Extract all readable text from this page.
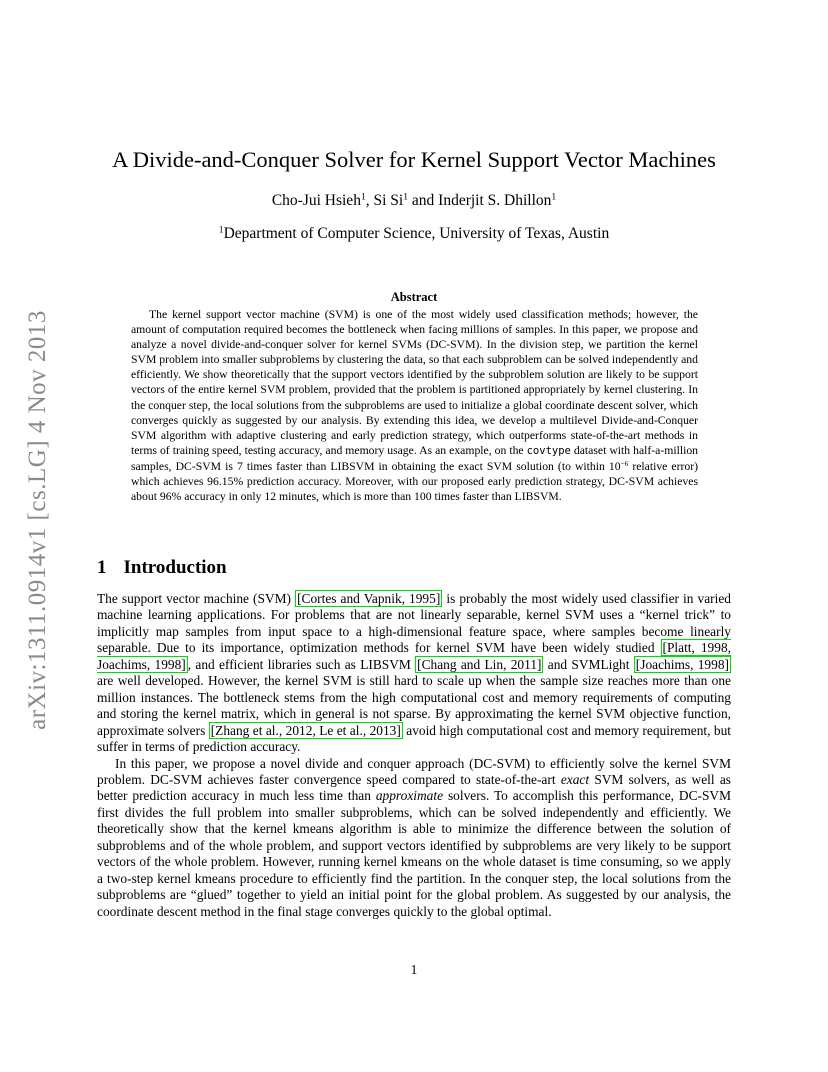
arXiv:1311.0914v1 [cs.LG] 4 Nov 2013
A Divide-and-Conquer Solver for Kernel Support Vector Machines
Cho-Jui Hsieh$^1$, Si Si$^1$ and Inderjit S. Dhillon$^1$
$^1$Department of Computer Science, University of Texas, Austin
Abstract

The kernel support vector machine (SVM) is one of the most widely used classification methods; however, the amount of computation required becomes the bottleneck when facing millions of samples. In this paper, we propose and analyze a novel divide-and-conquer solver for kernel SVMs (DC-SVM). In the division step, we partition the kernel SVM problem into smaller subproblems by clustering the data, so that each subproblem can be solved independently and efficiently. We show theoretically that the support vectors identified by the subproblem solution are likely to be support vectors of the entire kernel SVM problem, provided that the problem is partitioned appropriately by kernel clustering. In the conquer step, the local solutions from the subproblems are used to initialize a global coordinate descent solver, which converges quickly as suggested by our analysis. By extending this idea, we develop a multilevel Divide-and-Conquer SVM algorithm with adaptive clustering and early prediction strategy, which outperforms state-of-the-art methods in terms of training speed, testing accuracy, and memory usage. As an example, on the covtype dataset with half-a-million samples, DC-SVM is 7 times faster than LIBSVM in obtaining the exact SVM solution (to within $10^{-6}$ relative error) which achieves 96.15% prediction accuracy. Moreover, with our proposed early prediction strategy, DC-SVM achieves about 96% accuracy in only 12 minutes, which is more than 100 times faster than LIBSVM.

1 Introduction

The support vector machine (SVM) [Cortes and Vapnik, 1995] is probably the most widely used classifier in varied machine learning applications. For problems that are not linearly separable, kernel SVM uses a “kernel trick” to implicitly map samples from input space to a high-dimensional feature space, where samples become linearly separable. Due to its importance, optimization methods for kernel SVM have been widely studied [Platt, 1998, Joachims, 1998] , and efficient libraries such as LIBSVM [Chang and Lin, 2011] and SVMLight [Joachims, 1998] are well developed. However, the kernel SVM is still hard to scale up when the sample size reaches more than one million instances. The bottleneck stems from the high computational cost and memory requirements of computing and storing the kernel matrix, which in general is not sparse. By approximating the kernel SVM objective function, approximate solvers [Zhang et al., 2012, Le et al., 2013] avoid high computational cost and memory requirement, but suffer in terms of prediction accuracy.

In this paper, we propose a novel divide and conquer approach (DC-SVM) to efficiently solve the kernel SVM problem. DC-SVM achieves faster convergence speed compared to state-of-the-art exact SVM solvers, as well as better prediction accuracy in much less time than approximate solvers. To accomplish this performance, DC-SVM first divides the full problem into smaller subproblems, which can be solved independently and efficiently. We theoretically show that the kernel kmeans algorithm is able to minimize the difference between the solution of subproblems and of the whole problem, and support vectors identified by subproblems are very likely to be support vectors of the whole problem. However, running kernel kmeans on the whole dataset is time consuming, so we apply a two-step kernel kmeans procedure to efficiently find the partition. In the conquer step, the local solutions from the subproblems are “glued” together to yield an initial point for the global problem. As suggested by our analysis, the coordinate descent method in the final stage converges quickly to the global optimal.

1
